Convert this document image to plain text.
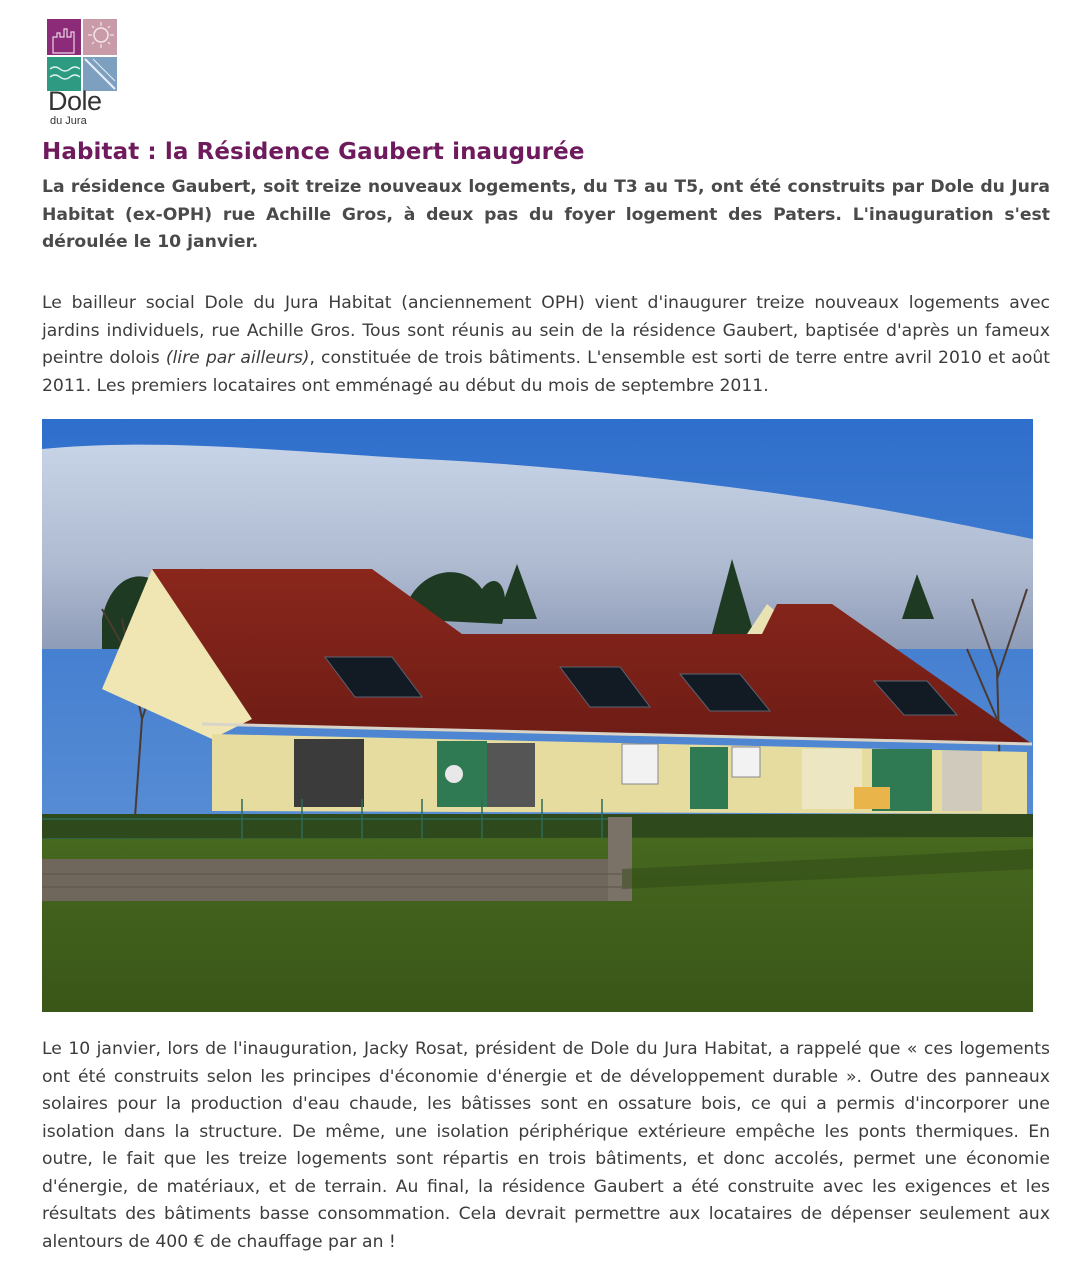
Dole
du Jura
Habitat : la Résidence Gaubert inaugurée

La résidence Gaubert, soit treize nouveaux logements, du T3 au T5, ont été construits par Dole du Jura Habitat (ex-OPH) rue Achille Gros, à deux pas du foyer logement des Paters. L'inauguration s'est déroulée le 10 janvier.

Le bailleur social Dole du Jura Habitat (anciennement OPH) vient d'inaugurer treize nouveaux logements avec jardins individuels, rue Achille Gros. Tous sont réunis au sein de la résidence Gaubert, baptisée d'après un fameux peintre dolois (lire par ailleurs), constituée de trois bâtiments. L'ensemble est sorti de terre entre avril 2010 et août 2011. Les premiers locataires ont emménagé au début du mois de septembre 2011.

Le 10 janvier, lors de l'inauguration, Jacky Rosat, président de Dole du Jura Habitat, a rappelé que « ces logements ont été construits selon les principes d'économie d'énergie et de développement durable ». Outre des panneaux solaires pour la production d'eau chaude, les bâtisses sont en ossature bois, ce qui a permis d'incorporer une isolation dans la structure. De même, une isolation périphérique extérieure empêche les ponts thermiques. En outre, le fait que les treize logements sont répartis en trois bâtiments, et donc accolés, permet une économie d'énergie, de matériaux, et de terrain. Au final, la résidence Gaubert a été construite avec les exigences et les résultats des bâtiments basse consommation. Cela devrait permettre aux locataires de dépenser seulement aux alentours de 400 € de chauffage par an !
